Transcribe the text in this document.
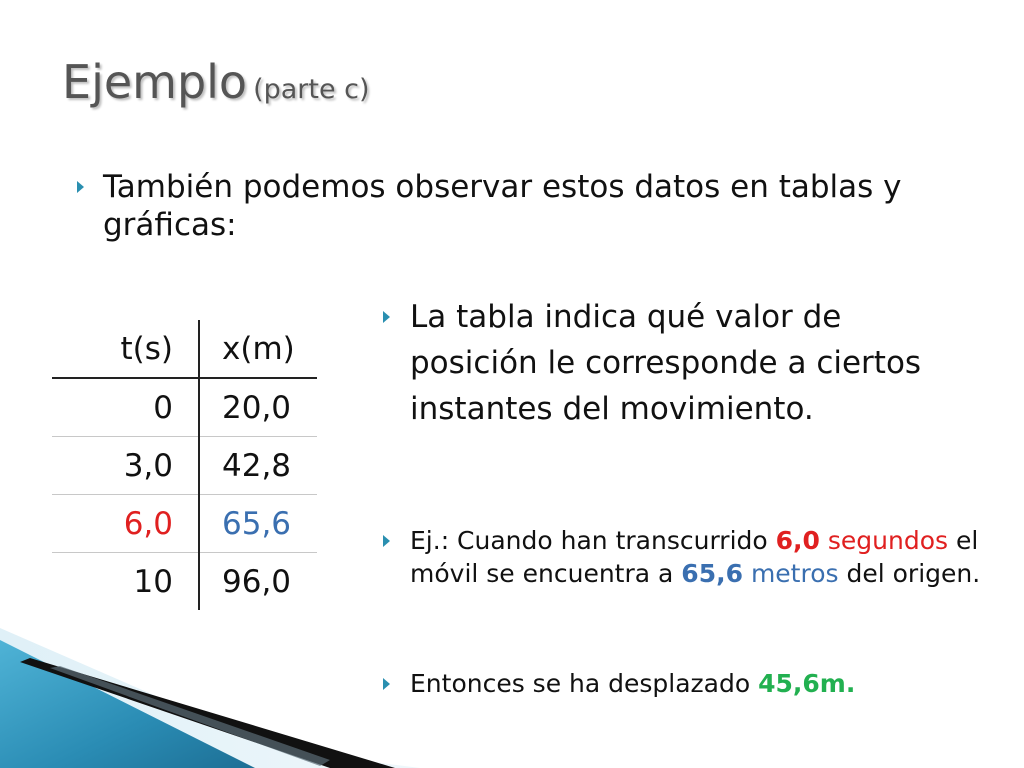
Ejemplo (parte c)
También podemos observar estos datos en tablas y gráficas:
t(s)	x(m)
0	20,0
3,0	42,8
6,0	65,6
10	96,0
La tabla indica qué valor de posición le corresponde a ciertos instantes del movimiento.
Ej.: Cuando han transcurrido 6,0 segundos el móvil se encuentra a 65,6 metros del origen.
Entonces se ha desplazado 45,6m.
